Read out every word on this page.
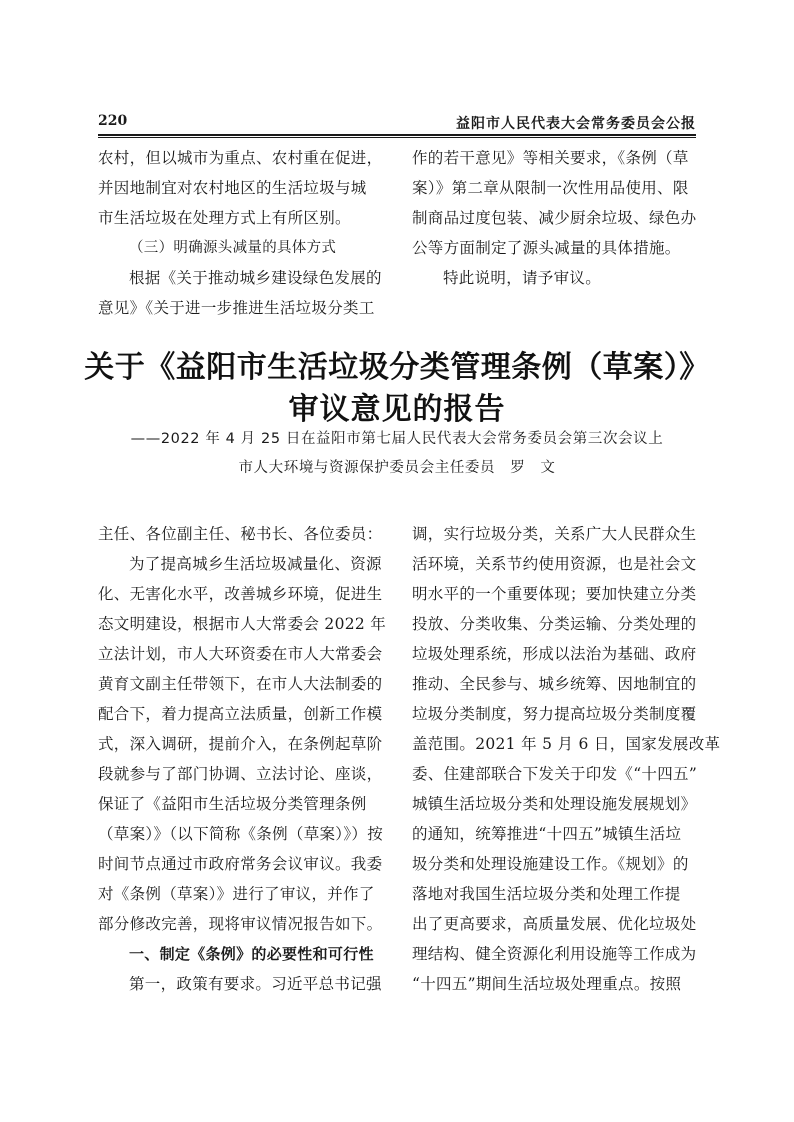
220	益阳市人民代表大会常务委员会公报
农村，但以城市为重点、农村重在促进，
并因地制宜对农村地区的生活垃圾与城
市生活垃圾在处理方式上有所区别。
（三）明确源头减量的具体方式
根据《关于推动城乡建设绿色发展的
意见》《关于进一步推进生活垃圾分类工
作的若干意见》等相关要求，《条例（草
案）》第二章从限制一次性用品使用、限
制商品过度包装、减少厨余垃圾、绿色办
公等方面制定了源头减量的具体措施。
特此说明，请予审议。
关于《益阳市生活垃圾分类管理条例（草案）》
审议意见的报告
——2022 年 4 月 25 日在益阳市第七届人民代表大会常务委员会第三次会议上
市人大环境与资源保护委员会主任委员　罗　文
主任、各位副主任、秘书长、各位委员：
为了提高城乡生活垃圾减量化、资源
化、无害化水平，改善城乡环境，促进生
态文明建设，根据市人大常委会 2022 年
立法计划，市人大环资委在市人大常委会
黄育文副主任带领下，在市人大法制委的
配合下，着力提高立法质量，创新工作模
式，深入调研，提前介入，在条例起草阶
段就参与了部门协调、立法讨论、座谈，
保证了《益阳市生活垃圾分类管理条例
（草案）》（以下简称《条例（草案）》）按
时间节点通过市政府常务会议审议。我委
对《条例（草案）》进行了审议，并作了
部分修改完善，现将审议情况报告如下。
一、制定《条例》的必要性和可行性
第一，政策有要求。习近平总书记强
调，实行垃圾分类，关系广大人民群众生
活环境，关系节约使用资源，也是社会文
明水平的一个重要体现；要加快建立分类
投放、分类收集、分类运输、分类处理的
垃圾处理系统，形成以法治为基础、政府
推动、全民参与、城乡统筹、因地制宜的
垃圾分类制度，努力提高垃圾分类制度覆
盖范围。2021 年 5 月 6 日，国家发展改革
委、住建部联合下发关于印发《“十四五”
城镇生活垃圾分类和处理设施发展规划》
的通知，统筹推进“十四五”城镇生活垃
圾分类和处理设施建设工作。《规划》的
落地对我国生活垃圾分类和处理工作提
出了更高要求，高质量发展、优化垃圾处
理结构、健全资源化利用设施等工作成为
“十四五”期间生活垃圾处理重点。按照
